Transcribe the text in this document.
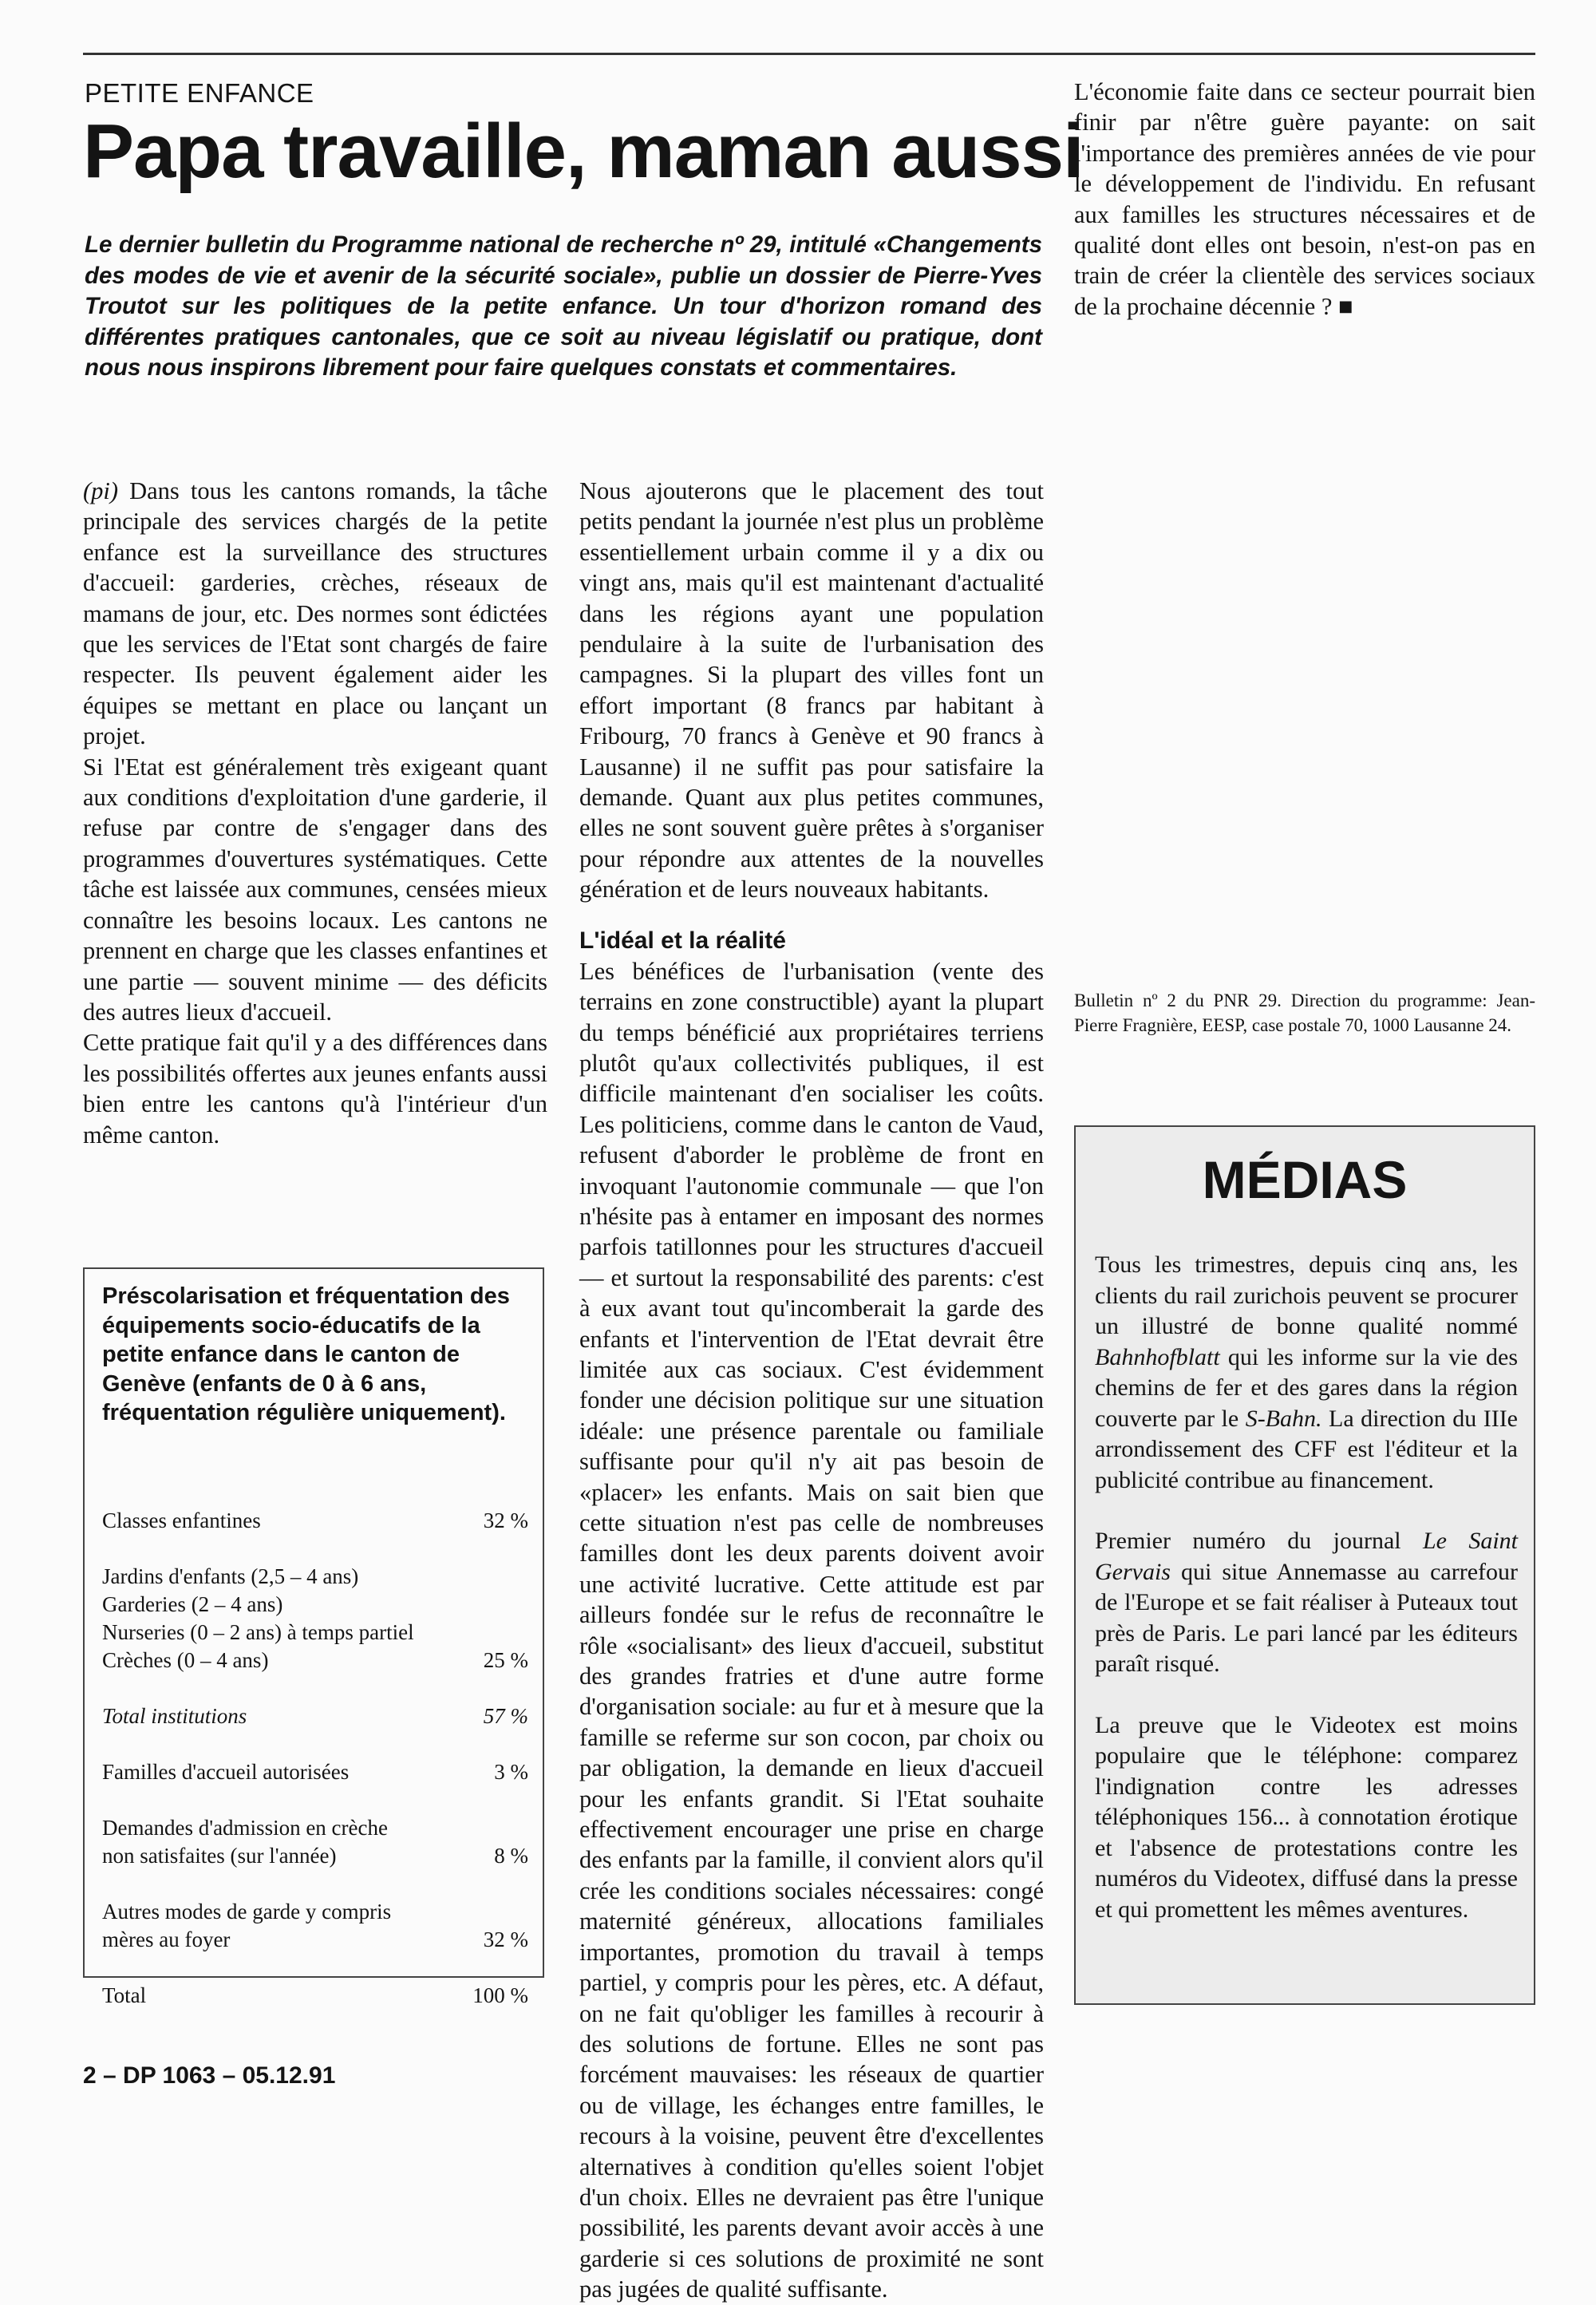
PETITE ENFANCE
Papa travaille, maman aussi
Le dernier bulletin du Programme national de recherche nº 29, intitulé «Changements des modes de vie et avenir de la sécurité sociale», publie un dossier de Pierre-Yves Troutot sur les politiques de la petite enfance. Un tour d'horizon romand des différentes pratiques cantonales, que ce soit au niveau législatif ou pratique, dont nous nous inspirons librement pour faire quelques constats et commentaires.

(pi) Dans tous les cantons romands, la tâche principale des services chargés de la petite enfance est la surveillance des structures d'accueil: garderies, crèches, réseaux de mamans de jour, etc. Des normes sont édictées que les services de l'Etat sont chargés de faire respecter. Ils peuvent également aider les équipes se mettant en place ou lançant un projet.

Si l'Etat est généralement très exigeant quant aux conditions d'exploitation d'une garderie, il refuse par contre de s'engager dans des programmes d'ouvertures systématiques. Cette tâche est laissée aux communes, censées mieux connaître les besoins locaux. Les cantons ne prennent en charge que les classes enfantines et une partie — souvent minime — des déficits des autres lieux d'accueil.

Cette pratique fait qu'il y a des différences dans les possibilités offertes aux jeunes enfants aussi bien entre les cantons qu'à l'intérieur d'un même canton.

Nous ajouterons que le placement des tout petits pendant la journée n'est plus un problème essentiellement urbain comme il y a dix ou vingt ans, mais qu'il est maintenant d'actualité dans les régions ayant une population pendulaire à la suite de l'urbanisation des campagnes. Si la plupart des villes font un effort important (8 francs par habitant à Fribourg, 70 francs à Genève et 90 francs à Lausanne) il ne suffit pas pour satisfaire la demande. Quant aux plus petites communes, elles ne sont souvent guère prêtes à s'organiser pour répondre aux attentes de la nouvelles génération et de leurs nouveaux habitants.

L'idéal et la réalité

Les bénéfices de l'urbanisation (vente des terrains en zone constructible) ayant la plupart du temps bénéficié aux propriétaires terriens plutôt qu'aux collectivités publiques, il est difficile maintenant d'en socialiser les coûts. Les politiciens, comme dans le canton de Vaud, refusent d'aborder le problème de front en invoquant l'autonomie communale — que l'on n'hésite pas à entamer en imposant des normes parfois tatillonnes pour les structures d'accueil — et surtout la responsabilité des parents: c'est à eux avant tout qu'incomberait la garde des enfants et l'intervention de l'Etat devrait être limitée aux cas sociaux. C'est évidemment fonder une décision politique sur une situation idéale: une présence parentale ou familiale suffisante pour qu'il n'y ait pas besoin de «placer» les enfants. Mais on sait bien que cette situation n'est pas celle de nombreuses familles dont les deux parents doivent avoir une activité lucrative. Cette attitude est par ailleurs fondée sur le refus de reconnaître le rôle «socialisant» des lieux d'accueil, substitut des grandes fratries et d'une autre forme d'organisation sociale: au fur et à mesure que la famille se referme sur son cocon, par choix ou par obligation, la demande en lieux d'accueil pour les enfants grandit. Si l'Etat souhaite effectivement encourager une prise en charge des enfants par la famille, il convient alors qu'il crée les conditions sociales nécessaires: congé maternité généreux, allocations familiales importantes, promotion du travail à temps partiel, y compris pour les pères, etc. A défaut, on ne fait qu'obliger les familles à recourir à des solutions de fortune. Elles ne sont pas forcément mauvaises: les réseaux de quartier ou de village, les échanges entre familles, le recours à la voisine, peuvent être d'excellentes alternatives à condition qu'elles soient l'objet d'un choix. Elles ne devraient pas être l'unique possibilité, les parents devant avoir accès à une garderie si ces solutions de proximité ne sont pas jugées de qualité suffisante.

L'économie faite dans ce secteur pourrait bien finir par n'être guère payante: on sait l'importance des premières années de vie pour le développement de l'individu. En refusant aux familles les structures nécessaires et de qualité dont elles ont besoin, n'est-on pas en train de créer la clientèle des services sociaux de la prochaine décennie ? ■

Bulletin nº 2 du PNR 29. Direction du programme: Jean-Pierre Fragnière, EESP, case postale 70, 1000 Lausanne 24.
Préscolarisation et fréquentation des équipements socio-éducatifs de la petite enfance dans le canton de Genève (enfants de 0 à 6 ans, fréquentation régulière uniquement).
Classes enfantines	32 %
Jardins d'enfants (2,5 – 4 ans)
Garderies (2 – 4 ans)
Nurseries (0 – 2 ans) à temps partiel
Crèches (0 – 4 ans)	25 %
Total institutions	57 %
Familles d'accueil autorisées	3 %
Demandes d'admission en crèche
non satisfaites (sur l'année)	8 %
Autres modes de garde y compris
mères au foyer	32 %
Total	100 %
MÉDIAS

Tous les trimestres, depuis cinq ans, les clients du rail zurichois peuvent se procurer un illustré de bonne qualité nommé Bahnhofblatt qui les informe sur la vie des chemins de fer et des gares dans la région couverte par le S-Bahn. La direction du IIIe arrondissement des CFF est l'éditeur et la publicité contribue au financement.

Premier numéro du journal Le Saint Gervais qui situe Annemasse au carrefour de l'Europe et se fait réaliser à Puteaux tout près de Paris. Le pari lancé par les éditeurs paraît risqué.

La preuve que le Videotex est moins populaire que le téléphone: comparez l'indignation contre les adresses téléphoniques 156... à connotation érotique et l'absence de protestations contre les numéros du Videotex, diffusé dans la presse et qui promettent les mêmes aventures.

2 – DP 1063 – 05.12.91
